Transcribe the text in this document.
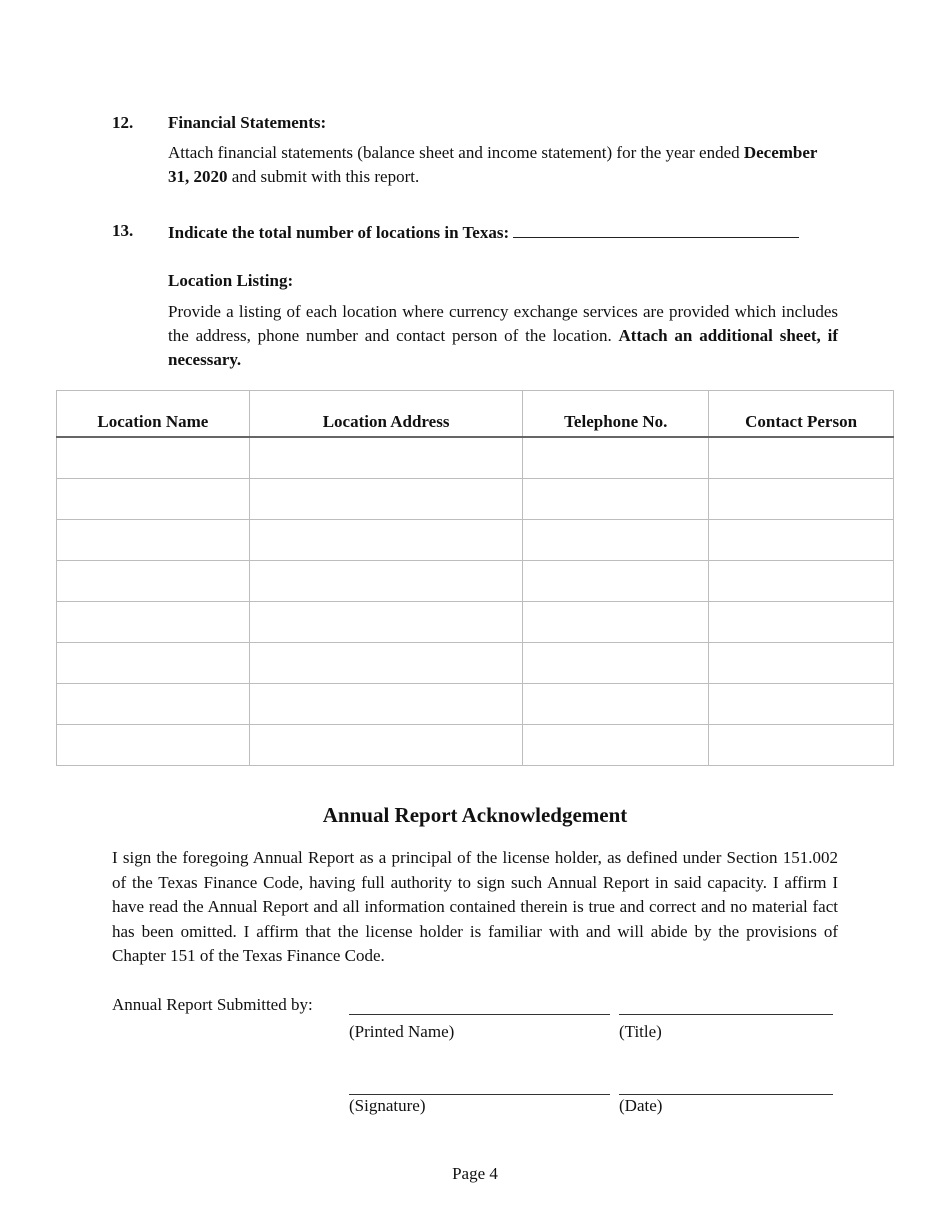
12. Financial Statements:
Attach financial statements (balance sheet and income statement) for the year ended December 31, 2020 and submit with this report.
13. Indicate the total number of locations in Texas:
Location Listing:
Provide a listing of each location where currency exchange services are provided which includes the address, phone number and contact person of the location. Attach an additional sheet, if necessary.
Location Name	Location Address	Telephone No.	Contact Person

Annual Report Acknowledgement
I sign the foregoing Annual Report as a principal of the license holder, as defined under Section 151.002 of the Texas Finance Code, having full authority to sign such Annual Report in said capacity. I affirm I have read the Annual Report and all information contained therein is true and correct and no material fact has been omitted. I affirm that the license holder is familiar with and will abide by the provisions of Chapter 151 of the Texas Finance Code.
Annual Report Submitted by:
(Printed Name)	(Title)
(Signature)	(Date)
Page 4
